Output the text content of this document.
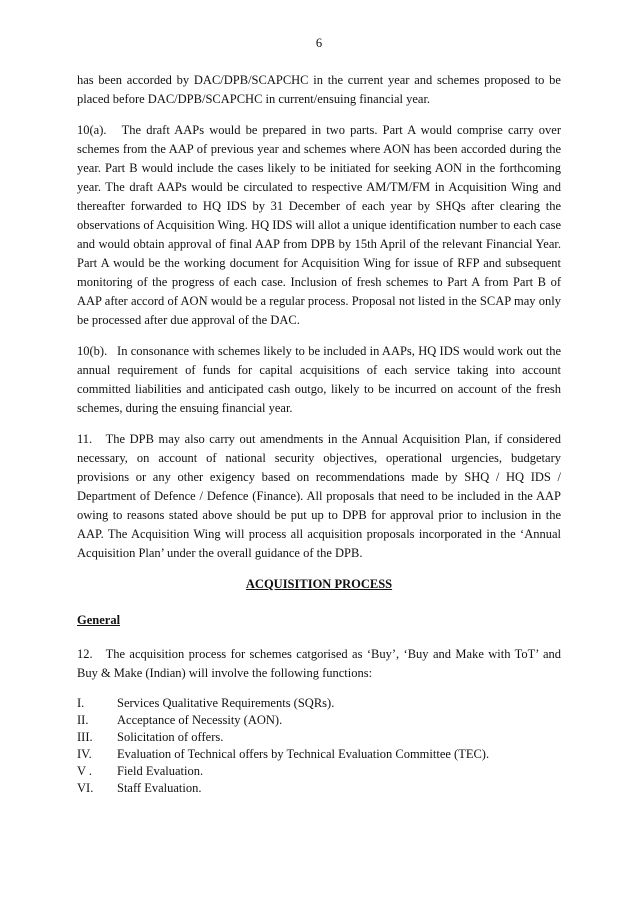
6

has been accorded by DAC/DPB/SCAPCHC in the current year and schemes proposed to be placed before DAC/DPB/SCAPCHC in current/ensuing financial year.

10(a).   The draft AAPs would be prepared in two parts. Part A would comprise carry over schemes from the AAP of previous year and schemes where AON has been accorded during the year. Part B would include the cases likely to be initiated for seeking AON in the forthcoming year. The draft AAPs would be circulated to respective AM/TM/FM in Acquisition Wing and thereafter forwarded to HQ IDS by 31 December of each year by SHQs after clearing the observations of Acquisition Wing. HQ IDS will allot a unique identification number to each case and would obtain approval of final AAP from DPB by 15th April of the relevant Financial Year. Part A would be the working document for Acquisition Wing for issue of RFP and subsequent monitoring of the progress of each case. Inclusion of fresh schemes to Part A from Part B of AAP after accord of AON would be a regular process. Proposal not listed in the SCAP may only be processed after due approval of the DAC.

10(b).   In consonance with schemes likely to be included in AAPs, HQ IDS would work out the annual requirement of funds for capital acquisitions of each service taking into account committed liabilities and anticipated cash outgo, likely to be incurred on account of the fresh schemes, during the ensuing financial year.

11.   The DPB may also carry out amendments in the Annual Acquisition Plan, if considered necessary, on account of national security objectives, operational urgencies, budgetary provisions or any other exigency based on recommendations made by SHQ / HQ IDS / Department of Defence / Defence (Finance). All proposals that need to be included in the AAP owing to reasons stated above should be put up to DPB for approval prior to inclusion in the AAP. The Acquisition Wing will process all acquisition proposals incorporated in the ‘Annual Acquisition Plan’ under the overall guidance of the DPB.

ACQUISITION PROCESS
General

12.   The acquisition process for schemes catgorised as ‘Buy’, ‘Buy and Make with ToT’ and Buy & Make (Indian) will involve the following functions:

I.	Services Qualitative Requirements (SQRs).
II.	Acceptance of Necessity (AON).
III.	Solicitation of offers.
IV.	Evaluation of Technical offers by Technical Evaluation Committee (TEC).
V .	Field Evaluation.
VI.	Staff Evaluation.
